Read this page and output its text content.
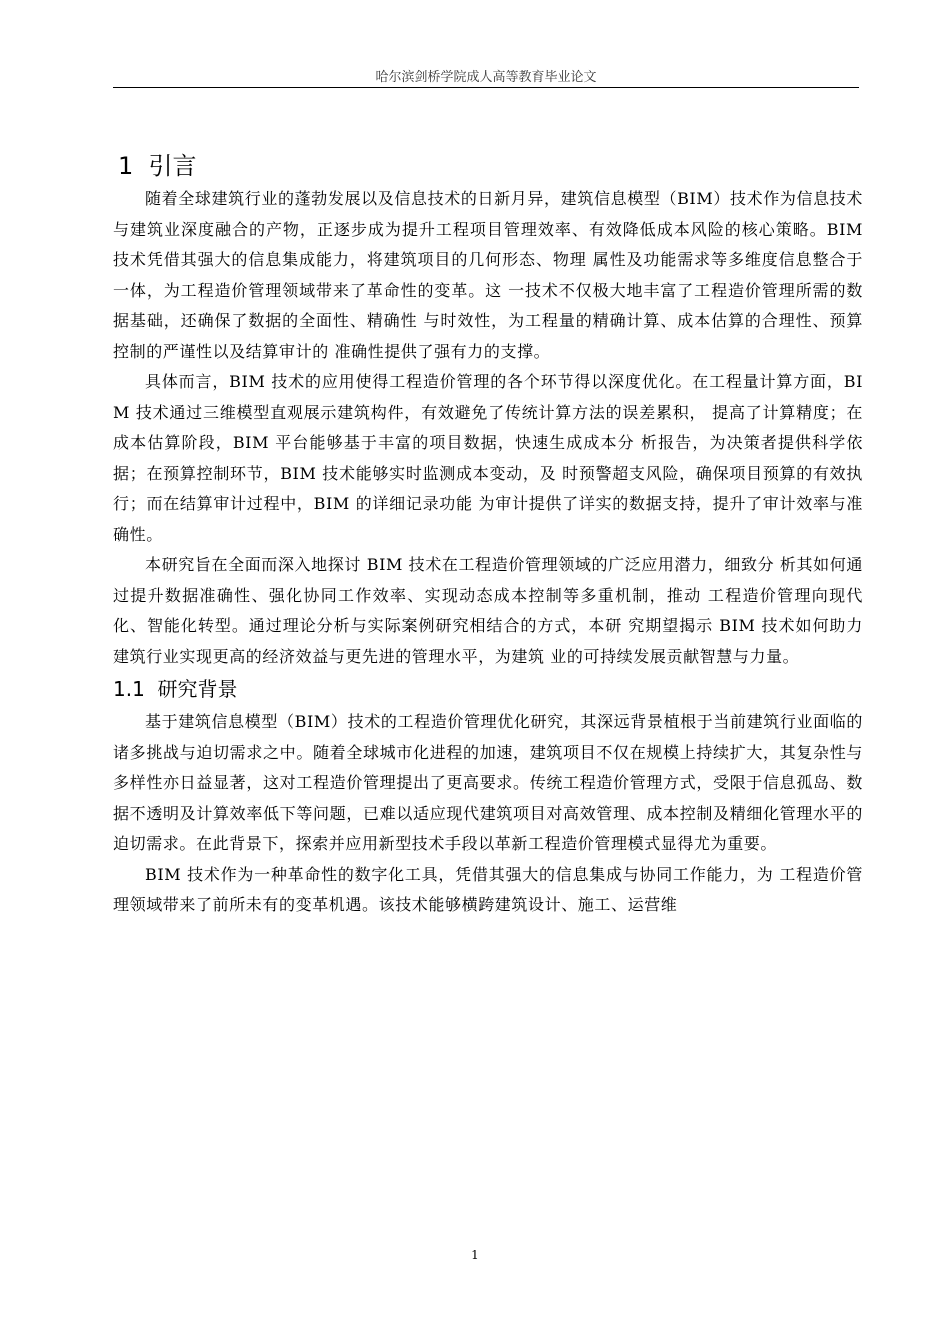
哈尔滨剑桥学院成人高等教育毕业论文
1  引言

随着全球建筑行业的蓬勃发展以及信息技术的日新月异，建筑信息模型（BIM）技术作为信息技术与建筑业深度融合的产物，正逐步成为提升工程项目管理效率、有效降低成本风险的核心策略。BIM 技术凭借其强大的信息集成能力，将建筑项目的几何形态、物理 属性及功能需求等多维度信息整合于一体，为工程造价管理领域带来了革命性的变革。这 一技术不仅极大地丰富了工程造价管理所需的数据基础，还确保了数据的全面性、精确性 与时效性，为工程量的精确计算、成本估算的合理性、预算控制的严谨性以及结算审计的 准确性提供了强有力的支撑。

具体而言，BIM 技术的应用使得工程造价管理的各个环节得以深度优化。在工程量计算方面，BIM 技术通过三维模型直观展示建筑构件，有效避免了传统计算方法的误差累积， 提高了计算精度；在成本估算阶段，BIM 平台能够基于丰富的项目数据，快速生成成本分 析报告，为决策者提供科学依据；在预算控制环节，BIM 技术能够实时监测成本变动，及 时预警超支风险，确保项目预算的有效执行；而在结算审计过程中，BIM 的详细记录功能 为审计提供了详实的数据支持，提升了审计效率与准确性。

本研究旨在全面而深入地探讨 BIM 技术在工程造价管理领域的广泛应用潜力，细致分 析其如何通过提升数据准确性、强化协同工作效率、实现动态成本控制等多重机制，推动 工程造价管理向现代化、智能化转型。通过理论分析与实际案例研究相结合的方式，本研 究期望揭示 BIM 技术如何助力建筑行业实现更高的经济效益与更先进的管理水平，为建筑 业的可持续发展贡献智慧与力量。

1.1  研究背景

基于建筑信息模型（BIM）技术的工程造价管理优化研究，其深远背景植根于当前建筑行业面临的诸多挑战与迫切需求之中。随着全球城市化进程的加速，建筑项目不仅在规模上持续扩大，其复杂性与多样性亦日益显著，这对工程造价管理提出了更高要求。传统工程造价管理方式，受限于信息孤岛、数据不透明及计算效率低下等问题，已难以适应现代建筑项目对高效管理、成本控制及精细化管理水平的迫切需求。在此背景下，探索并应用新型技术手段以革新工程造价管理模式显得尤为重要。

BIM 技术作为一种革命性的数字化工具，凭借其强大的信息集成与协同工作能力，为 工程造价管理领域带来了前所未有的变革机遇。该技术能够横跨建筑设计、施工、运营维

1
